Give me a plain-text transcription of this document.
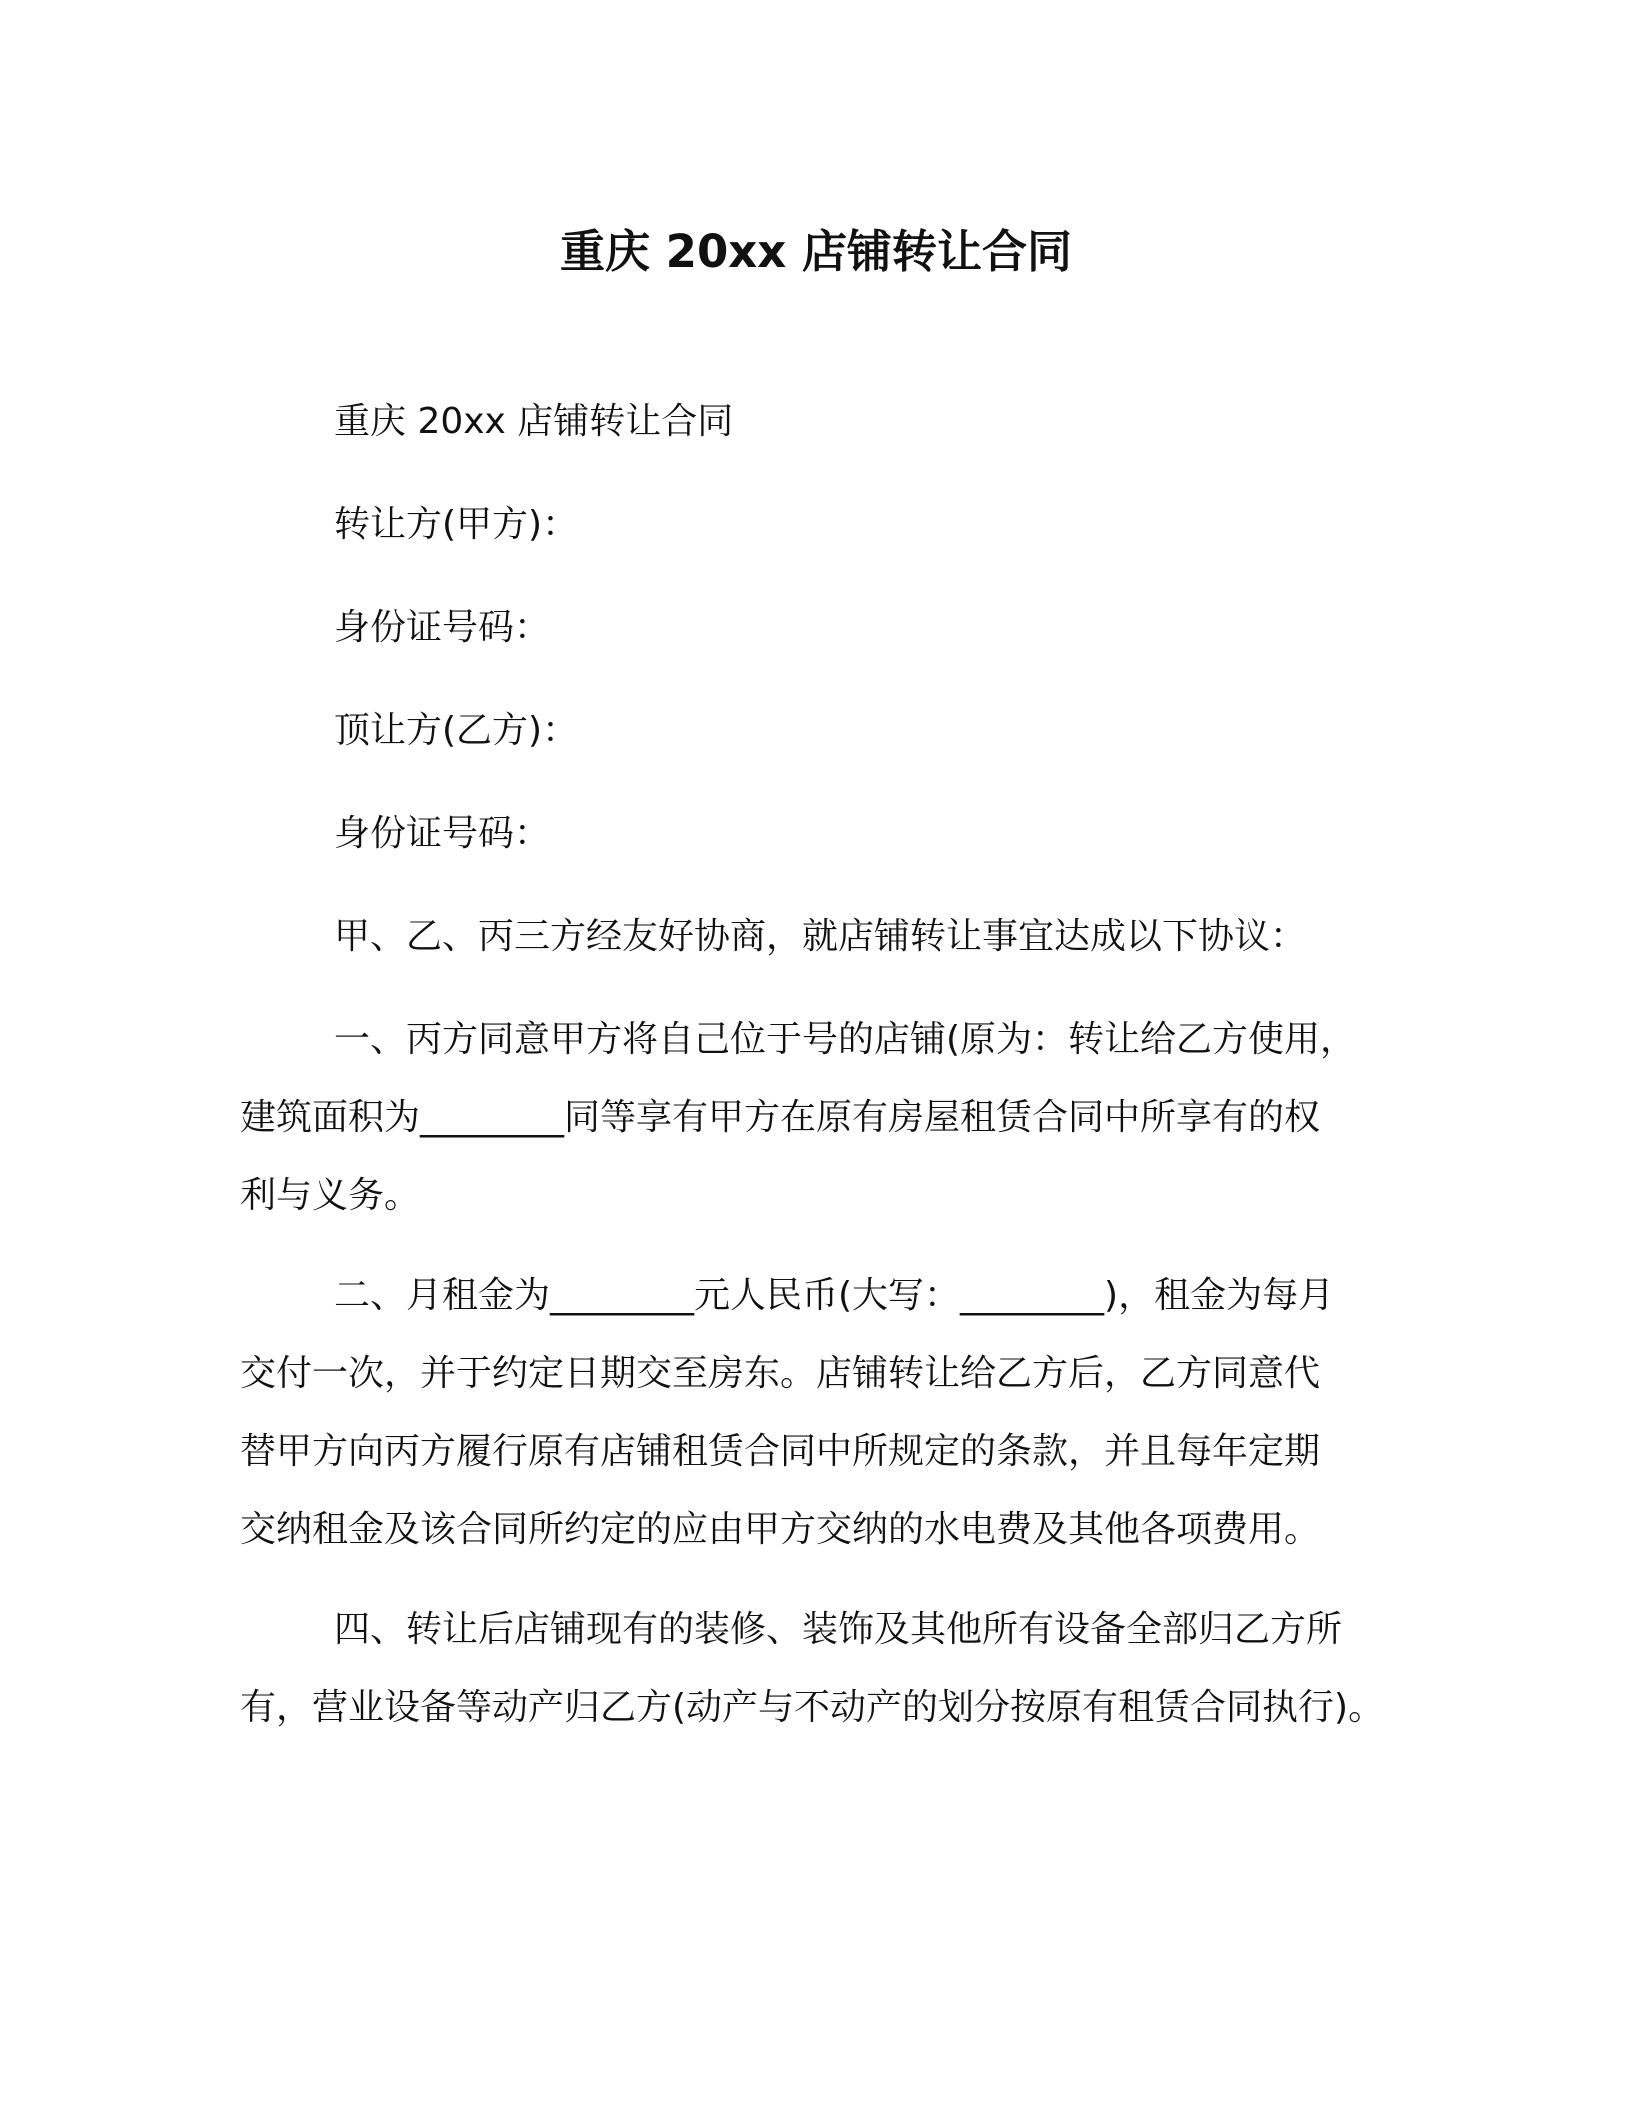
重庆 20xx 店铺转让合同

重庆 20xx 店铺转让合同

转让方(甲方)：

身份证号码：

顶让方(乙方)：

身份证号码：

甲、乙、丙三方经友好协商，就店铺转让事宜达成以下协议：

一、丙方同意甲方将自己位于号的店铺(原为：转让给乙方使用，

建筑面积为________同等享有甲方在原有房屋租赁合同中所享有的权

利与义务。

二、月租金为________元人民币(大写：________)，租金为每月

交付一次，并于约定日期交至房东。店铺转让给乙方后，乙方同意代

替甲方向丙方履行原有店铺租赁合同中所规定的条款，并且每年定期

交纳租金及该合同所约定的应由甲方交纳的水电费及其他各项费用。

四、转让后店铺现有的装修、装饰及其他所有设备全部归乙方所

有，营业设备等动产归乙方(动产与不动产的划分按原有租赁合同执行)。
